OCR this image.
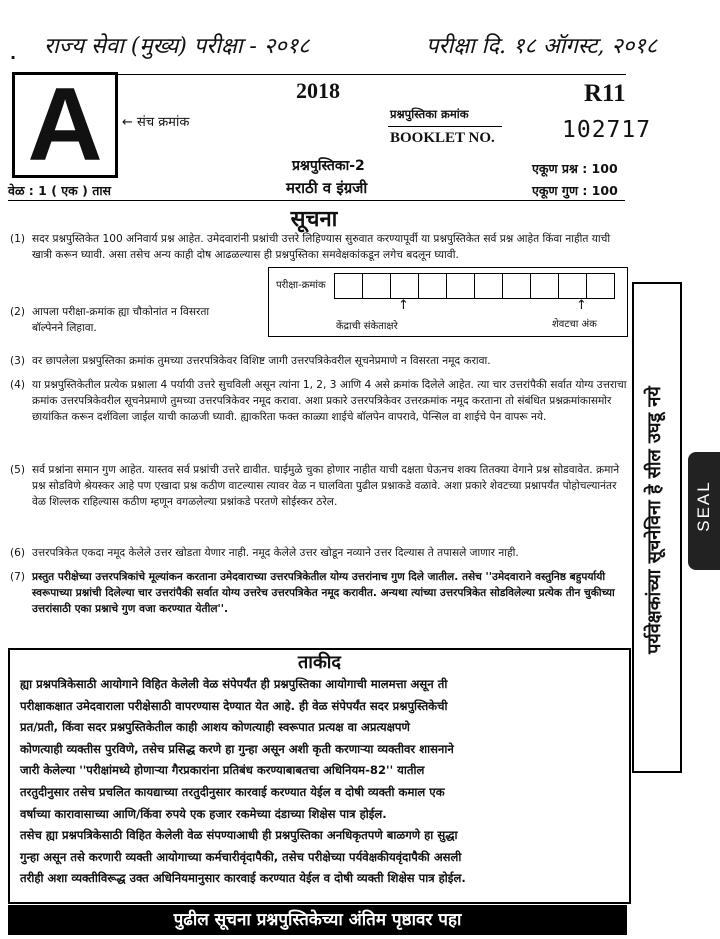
राज्य सेवा (मुख्य) परीक्षा - २०१८	परीक्षा दि. १८ ऑगस्ट, २०१८
.
A	← संच क्रमांक
2018
प्रश्नपुस्तिका क्रमांक
BOOKLET NO.
R11
102717
प्रश्नपुस्तिका-2
मराठी व इंग्रजी
वेळ : 1 ( एक ) तास
एकूण प्रश्न : 100
एकूण गुण : 100
सूचना
(1) सदर प्रश्नपुस्तिकेत 100 अनिवार्य प्रश्न आहेत. उमेदवारांनी प्रश्नांची उत्तरे लिहिण्यास सुरुवात करण्यापूर्वी या प्रश्नपुस्तिकेत सर्व प्रश्न आहेत किंवा नाहीत याची खात्री करून घ्यावी. असा तसेच अन्य काही दोष आढळल्यास ही प्रश्नपुस्तिका समवेक्षकांकडून लगेच बदलून घ्यावी.
(2) आपला परीक्षा-क्रमांक ह्या चौकोनांत न विसरता बॉल्पेनने लिहावा.
परीक्षा-क्रमांक
↑	↑
केंद्राची संकेताक्षरे	शेवटचा अंक
(3) वर छापलेला प्रश्नपुस्तिका क्रमांक तुमच्या उत्तरपत्रिकेवर विशिष्ट जागी उत्तरपत्रिकेवरील सूचनेप्रमाणे न विसरता नमूद करावा.
(4) या प्रश्नपुस्तिकेतील प्रत्येक प्रश्नाला 4 पर्यायी उत्तरे सुचविली असून त्यांना 1, 2, 3 आणि 4 असे क्रमांक दिलेले आहेत. त्या चार उत्तरांपैकी सर्वात योग्य उत्तराचा क्रमांक उत्तरपत्रिकेवरील सूचनेप्रमाणे तुमच्या उत्तरपत्रिकेवर नमूद करावा. अशा प्रकारे उत्तरपत्रिकेवर उत्तरक्रमांक नमूद करताना तो संबंधित प्रश्नक्रमांकासमोर छायांकित करून दर्शविला जाईल याची काळजी घ्यावी. ह्याकरिता फक्त काळ्या शाईचे बॉलपेन वापरावे, पेन्सिल वा शाईचे पेन वापरू नये.
(5) सर्व प्रश्नांना समान गुण आहेत. यास्तव सर्व प्रश्नांची उत्तरे द्यावीत. घाईमुळे चुका होणार नाहीत याची दक्षता घेऊनच शक्य तितक्या वेगाने प्रश्न सोडवावेत. क्रमाने प्रश्न सोडविणे श्रेयस्कर आहे पण एखादा प्रश्न कठीण वाटल्यास त्यावर वेळ न घालविता पुढील प्रश्नाकडे वळावे. अशा प्रकारे शेवटच्या प्रश्नापर्यंत पोहोचल्यानंतर वेळ शिल्लक राहिल्यास कठीण म्हणून वगळलेल्या प्रश्नांकडे परतणे सोईस्कर ठरेल.
(6) उत्तरपत्रिकेत एकदा नमूद केलेले उत्तर खोडता येणार नाही. नमूद केलेले उत्तर खोडून नव्याने उत्तर दिल्यास ते तपासले जाणार नाही.
(7) प्रस्तुत परीक्षेच्या उत्तरपत्रिकांचे मूल्यांकन करताना उमेदवाराच्या उत्तरपत्रिकेतील योग्य उत्तरांनाच गुण दिले जातील. तसेच ''उमेदवाराने वस्तुनिष्ठ बहुपर्यायी स्वरूपाच्या प्रश्नांची दिलेल्या चार उत्तरांपैकी सर्वात योग्य उत्तरेच उत्तरपत्रिकेत नमूद करावीत. अन्यथा त्यांच्या उत्तरपत्रिकेत सोडविलेल्या प्रत्येक तीन चुकीच्या उत्तरांसाठी एका प्रश्नाचे गुण वजा करण्यात येतील''.
ताकीद
ह्या प्रश्नपत्रिकेसाठी आयोगाने विहित केलेली वेळ संपेपर्यंत ही प्रश्नपुस्तिका आयोगाची मालमत्ता असून ती
परीक्षाकक्षात उमेदवाराला परीक्षेसाठी वापरण्यास देण्यात येत आहे. ही वेळ संपेपर्यंत सदर प्रश्नपुस्तिकेची
प्रत/प्रती, किंवा सदर प्रश्नपुस्तिकेतील काही आशय कोणत्याही स्वरूपात प्रत्यक्ष वा अप्रत्यक्षपणे
कोणत्याही व्यक्तीस पुरविणे, तसेच प्रसिद्ध करणे हा गुन्हा असून अशी कृती करणाऱ्या व्यक्तीवर शासनाने
जारी केलेल्या ''परीक्षांमध्ये होणाऱ्या गैरप्रकारांना प्रतिबंध करण्याबाबतचा अधिनियम-82'' यातील
तरतुदीनुसार तसेच प्रचलित कायद्याच्या तरतुदीनुसार कारवाई करण्यात येईल व दोषी व्यक्ती कमाल एक
वर्षाच्या कारावासाच्या आणि/किंवा रुपये एक हजार रकमेच्या दंडाच्या शिक्षेस पात्र होईल.
तसेच ह्या प्रश्नपत्रिकेसाठी विहित केलेली वेळ संपण्याआधी ही प्रश्नपुस्तिका अनधिकृतपणे बाळगणे हा सुद्धा
गुन्हा असून तसे करणारी व्यक्ती आयोगाच्या कर्मचारीवृंदापैकी, तसेच परीक्षेच्या पर्यवेक्षकीयवृंदापैकी असली
तरीही अशा व्यक्तीविरूद्ध उक्त अधिनियमानुसार कारवाई करण्यात येईल व दोषी व्यक्ती शिक्षेस पात्र होईल.
पुढील सूचना प्रश्नपुस्तिकेच्या अंतिम पृष्ठावर पहा
पर्यवेक्षकांच्या सूचनेविना हे सील उघडू नये	SEAL
